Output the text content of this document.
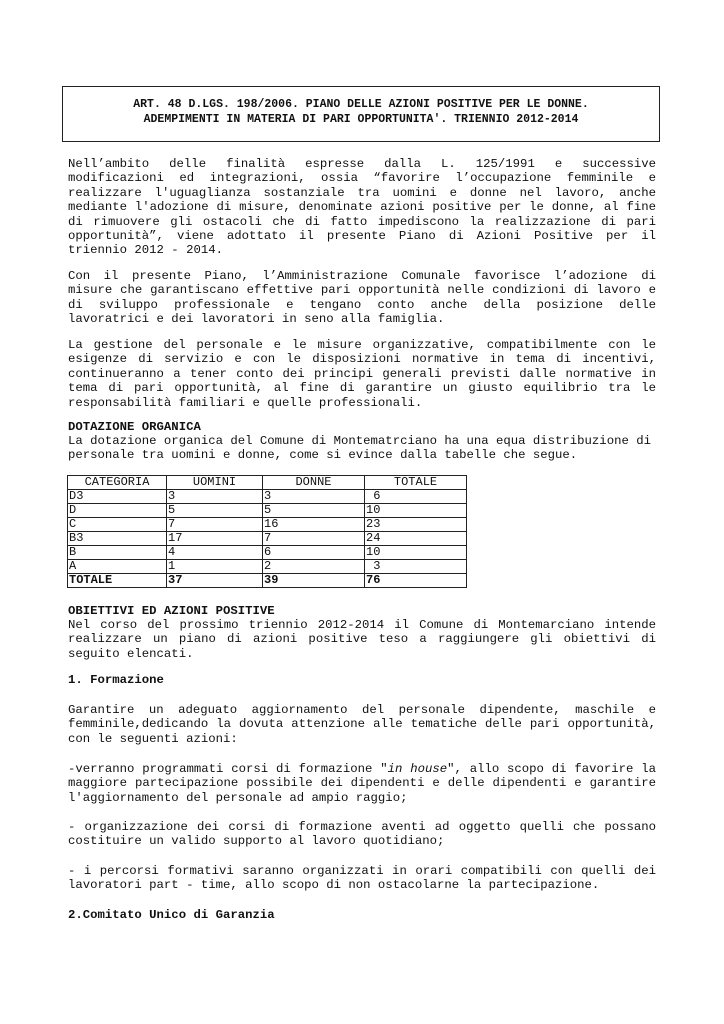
ART. 48 D.LGS. 198/2006. PIANO DELLE AZIONI POSITIVE PER LE DONNE.
ADEMPIMENTI IN MATERIA DI PARI OPPORTUNITA'. TRIENNIO 2012-2014
Nell’ambito delle finalità espresse dalla L. 125/1991 e successive modificazioni ed integrazioni, ossia “favorire l’occupazione femminile e realizzare l'uguaglianza sostanziale tra uomini e donne nel lavoro, anche mediante l'adozione di misure, denominate azioni positive per le donne, al fine di rimuovere gli ostacoli che di fatto impediscono la realizzazione di pari opportunità”, viene adottato il presente Piano di Azioni Positive per il triennio 2012 - 2014.
Con il presente Piano, l’Amministrazione Comunale favorisce l’adozione di misure che garantiscano effettive pari opportunità nelle condizioni di lavoro e di sviluppo professionale e tengano conto anche della posizione delle lavoratrici e dei lavoratori in seno alla famiglia.
La gestione del personale e le misure organizzative, compatibilmente con le esigenze di servizio e con le disposizioni normative in tema di incentivi, continueranno a tener conto dei principi generali previsti dalle normative in tema di pari opportunità, al fine di garantire un giusto equilibrio tra le responsabilità familiari e quelle professionali.
DOTAZIONE ORGANICA
La dotazione organica del Comune di Montematrciano ha una equa distribuzione di personale tra uomini e donne, come si evince dalla tabelle che segue.
CATEGORIA	UOMINI	DONNE	TOTALE
D3	3	3	6
D	5	5	10
C	7	16	23
B3	17	7	24
B	4	6	10
A	1	2	3
TOTALE	37	39	76
OBIETTIVI ED AZIONI POSITIVE
Nel corso del prossimo triennio 2012-2014 il Comune di Montemarciano intende realizzare un piano di azioni positive teso a raggiungere gli obiettivi di seguito elencati.
1. Formazione
Garantire un adeguato aggiornamento del personale dipendente, maschile e femminile,dedicando la dovuta attenzione alle tematiche delle pari opportunità, con le seguenti azioni:
-verranno programmati corsi di formazione "in house", allo scopo di favorire la maggiore partecipazione possibile dei dipendenti e delle dipendenti e garantire l'aggiornamento del personale ad ampio raggio;
- organizzazione dei corsi di formazione aventi ad oggetto quelli che possano costituire un valido supporto al lavoro quotidiano;
- i percorsi formativi saranno organizzati in orari compatibili con quelli dei lavoratori part - time, allo scopo di non ostacolarne la partecipazione.
2.Comitato Unico di Garanzia
